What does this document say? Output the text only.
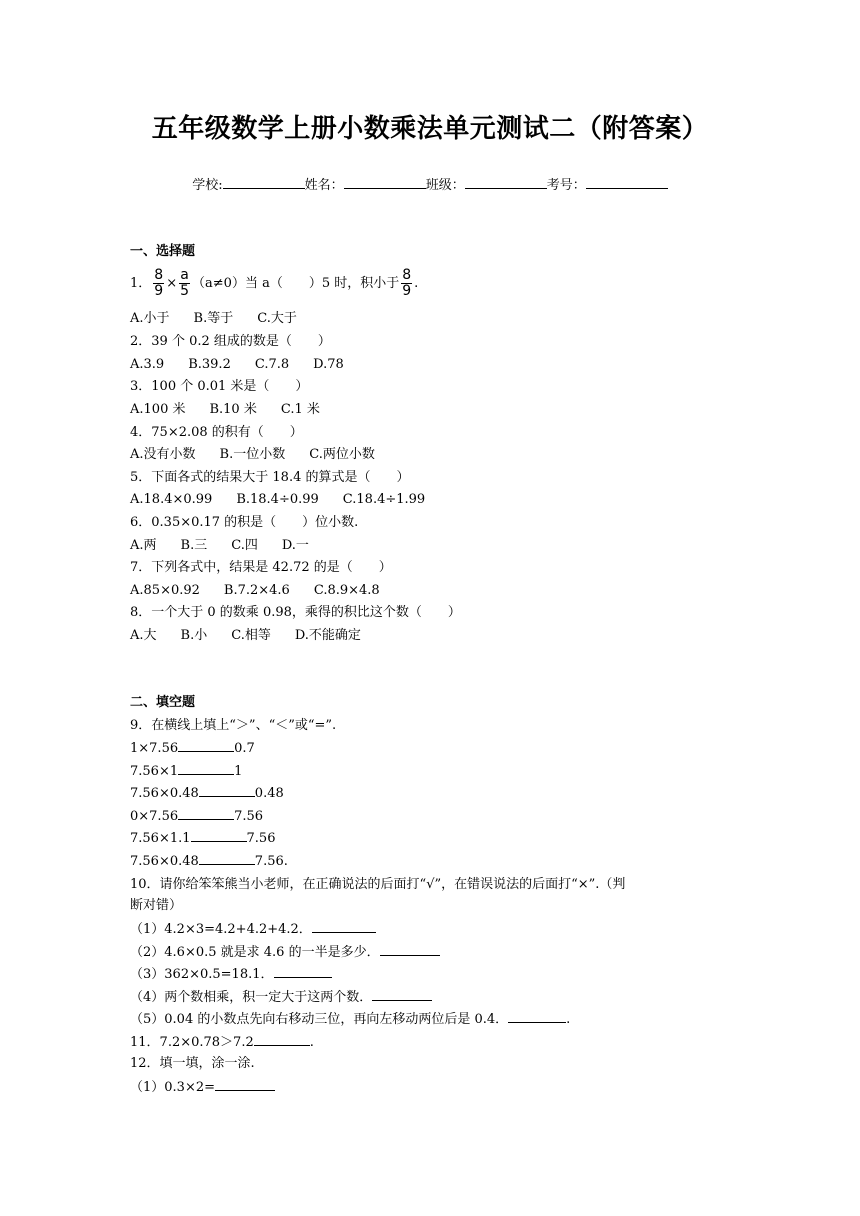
五年级数学上册小数乘法单元测试二（附答案）
学校:	姓名：	班级：	考号：
一、选择题
1． $\frac{8}{9} \times \frac{a}{5} (a\ne 0)$当 a（　　）5 时，积小于 $\frac{8}{9}$ .
A.小于 B.等于 C.大于
2．39 个 0.2 组成的数是（　　）
A.3.9 B.39.2 C.7.8 D.78
3．100 个 0.01 米是（　　）
A.100 米 B.10 米 C.1 米
4．75×2.08 的积有（　　）
A.没有小数 B.一位小数 C.两位小数
5．下面各式的结果大于 18.4 的算式是（　　）
A.18.4×0.99 B.18.4÷0.99 C.18.4÷1.99
6．0.35×0.17 的积是（　　）位小数.
A.两 B.三 C.四 D.一
7．下列各式中，结果是 42.72 的是（　　）
A.85×0.92 B.7.2×4.6 C.8.9×4.8
8．一个大于 0 的数乘 0.98，乘得的积比这个数（　　）
A.大 B.小 C.相等 D.不能确定
二、填空题
9．在横线上填上“＞”、“＜”或“=”.
1×7.56	0.7
7.56×1	1
7.56×0.48	0.48
0×7.56	7.56
7.56×1.1	7.56
7.56×0.48	7.56.
10．请你给笨笨熊当小老师，在正确说法的后面打“√”，在错误说法的后面打“×”.（判
断对错）
（1）4.2×3=4.2+4.2+4.2．
（2）4.6×0.5 就是求 4.6 的一半是多少．
（3）362×0.5=18.1．
（4）两个数相乘，积一定大于这两个数．
（5）0.04 的小数点先向右移动三位，再向左移动两位后是 0.4．	.
11．7.2×0.78＞7.2	.
12．填一填，涂一涂.
（1）0.3×2=
